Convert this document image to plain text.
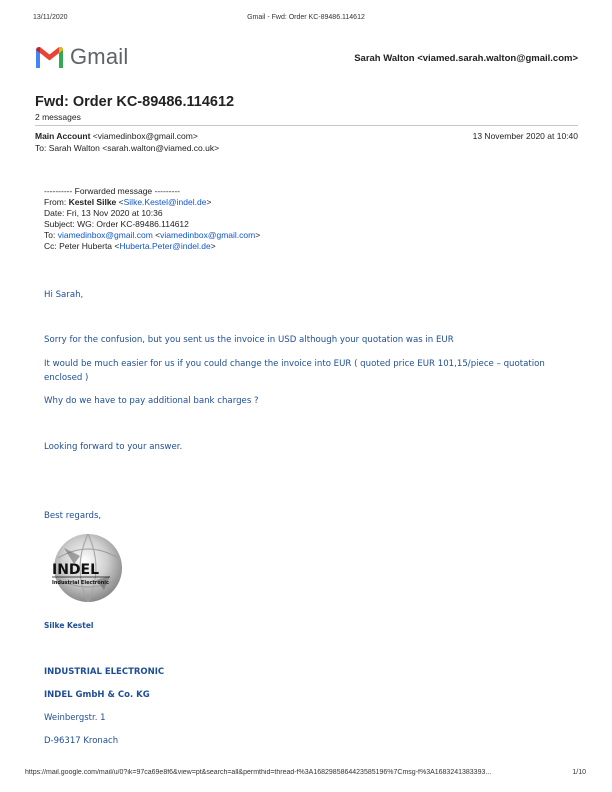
13/11/2020	Gmail - Fwd: Order KC-89486.114612
Gmail	Sarah Walton <viamed.sarah.walton@gmail.com>
Fwd: Order KC-89486.114612
2 messages
Main Account <viamedinbox@gmail.com>	13 November 2020 at 10:40
To: Sarah Walton <sarah.walton@viamed.co.uk>
---------- Forwarded message ---------
From: Kestel Silke <Silke.Kestel@indel.de>
Date: Fri, 13 Nov 2020 at 10:36
Subject: WG: Order KC-89486.114612
To: viamedinbox@gmail.com <viamedinbox@gmail.com>
Cc: Peter Huberta <Huberta.Peter@indel.de>
Hi Sarah,
Sorry for the confusion, but you sent us the invoice in USD although your quotation was in EUR
It would be much easier for us if you could change the invoice into EUR ( quoted price EUR 101,15/piece – quotation enclosed )
Why do we have to pay additional bank charges ?
Looking forward to your answer.
Best regards,
INDEL
Industrial Electronic
Silke Kestel
INDUSTRIAL ELECTRONIC
INDEL GmbH & Co. KG
Weinbergstr. 1
D-96317 Kronach
https://mail.google.com/mail/u/0?ik=97ca69e8f6&view=pt&search=all&permthid=thread-f%3A1682985864423585196%7Cmsg-f%3A1683241383393...	1/10
